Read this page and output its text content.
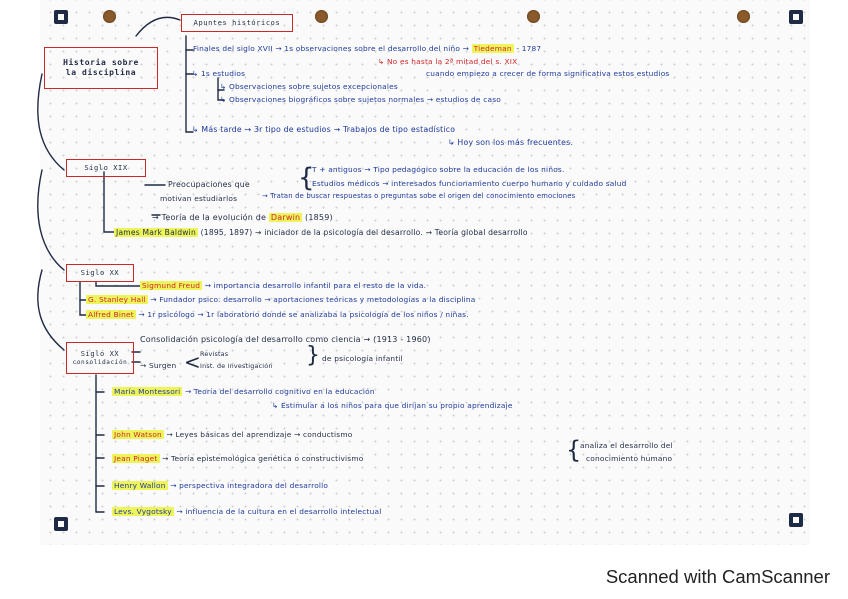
Apuntes históricos
Historia sobre la disciplina
Finales del siglo XVII → 1s observaciones sobre el desarrollo del niño → Tiedeman - 1787
↳ No es hasta la 2ª mitad del s. XIX
↳ 1s estudios	cuando empiezo a crecer de forma significativa estos estudios
↳ Observaciones sobre sujetos excepcionales
↳ Observaciones biográficos sobre sujetos normales → estudios de caso
↳ Más tarde → 3r tipo de estudios → Trabajos de tipo estadístico
↳ Hoy son los más frecuentes.
Siglo XIX
Preocupaciones que
motivan estudiarlos
{
T + antiguos → Tipo pedagógico sobre la educación de los niños.
Estudios médicos → interesados funcionamiento cuerpo humano y cuidado salud
→ Tratan de buscar respuestas o preguntas sobe el origen del conocimiento emociones
→ Teoría de la evolución de Darwin (1859)
James Mark Baldwin (1895, 1897) → iniciador de la psicología del desarrollo. → Teoría global desarrollo
Siglo XX
Sigmund Freud → importancia desarrollo infantil para el resto de la vida.
G. Stanley Hall → Fundador psico. desarrollo → aportaciones teóricas y metodologías a la disciplina
Alfred Binet → 1r psicólogo → 1r laboratorio donde se analizaba la psicología de los niños / niñas.
Siglo XX
consolidación
Consolidación psicología del desarrollo como ciencia → (1913 - 1960)
→ Surgen < Revistas
Inst. de investigación } de psicología infantil
María Montessori → Teoría del desarrollo cognitivo en la educación
↳ Estimular a los niños para que dirijan su propio aprendizaje
John Watson → Leyes básicas del aprendizaje → conductismo
Jean Piaget → Teoría epistemológica genética o constructivismo	{
analiza el desarrollo del
conocimiento humano
Henry Wallon → perspectiva integradora del desarrollo
Levs. Vygotsky → influencia de la cultura en el desarrollo intelectual
Scanned with CamScanner
